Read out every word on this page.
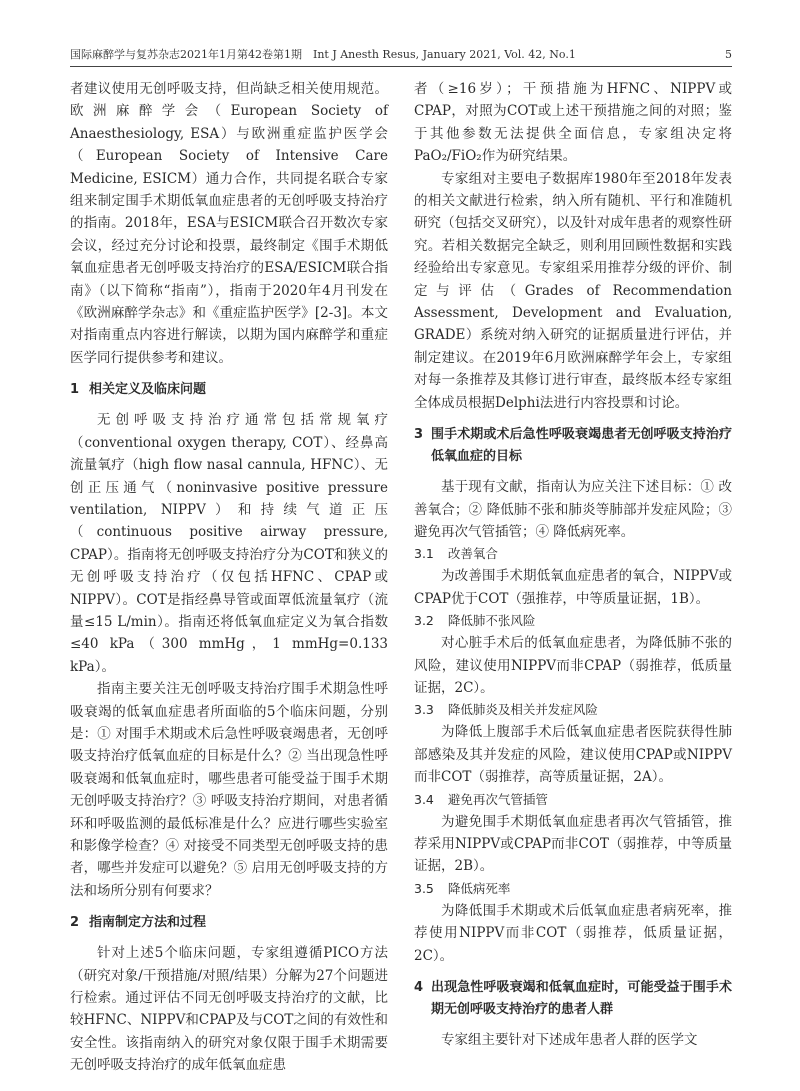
国际麻醉学与复苏杂志2021年1月第42卷第1期　Int J Anesth Resus, January 2021, Vol. 42, No.1	5

者建议使用无创呼吸支持，但尚缺乏相关使用规范。欧洲麻醉学会（European Society of Anaesthesiology, ESA）与欧洲重症监护医学会（European Society of Intensive Care Medicine, ESICM）通力合作，共同提名联合专家组来制定围手术期低氧血症患者的无创呼吸支持治疗的指南。2018年，ESA与ESICM联合召开数次专家会议，经过充分讨论和投票，最终制定《围手术期低氧血症患者无创呼吸支持治疗的ESA/ESICM联合指南》（以下简称“指南”），指南于2020年4月刊发在《欧洲麻醉学杂志》和《重症监护医学》[2-3]。本文对指南重点内容进行解读，以期为国内麻醉学和重症医学同行提供参考和建议。

1 相关定义及临床问题

无创呼吸支持治疗通常包括常规氧疗（conventional oxygen therapy, COT）、经鼻高流量氧疗（high flow nasal cannula, HFNC）、无创正压通气（noninvasive positive pressure ventilation, NIPPV）和持续气道正压（continuous positive airway pressure, CPAP）。指南将无创呼吸支持治疗分为COT和狭义的无创呼吸支持治疗（仅包括HFNC、CPAP或NIPPV）。COT是指经鼻导管或面罩低流量氧疗（流量≤15 L/min）。指南还将低氧血症定义为氧合指数≤40 kPa（300 mmHg，1 mmHg=0.133 kPa）。

指南主要关注无创呼吸支持治疗围手术期急性呼吸衰竭的低氧血症患者所面临的5个临床问题，分别是：① 对围手术期或术后急性呼吸衰竭患者，无创呼吸支持治疗低氧血症的目标是什么？② 当出现急性呼吸衰竭和低氧血症时，哪些患者可能受益于围手术期无创呼吸支持治疗？③ 呼吸支持治疗期间，对患者循环和呼吸监测的最低标准是什么？应进行哪些实验室和影像学检查？④ 对接受不同类型无创呼吸支持的患者，哪些并发症可以避免？⑤ 启用无创呼吸支持的方法和场所分别有何要求？

2 指南制定方法和过程

针对上述5个临床问题，专家组遵循PICO方法（研究对象/干预措施/对照/结果）分解为27个问题进行检索。通过评估不同无创呼吸支持治疗的文献，比较HFNC、NIPPV和CPAP及与COT之间的有效性和安全性。该指南纳入的研究对象仅限于围手术期需要无创呼吸支持治疗的成年低氧血症患

者（≥16岁）；干预措施为HFNC、NIPPV或CPAP，对照为COT或上述干预措施之间的对照；鉴于其他参数无法提供全面信息，专家组决定将PaO₂/FiO₂作为研究结果。

专家组对主要电子数据库1980年至2018年发表的相关文献进行检索，纳入所有随机、平行和准随机研究（包括交叉研究），以及针对成年患者的观察性研究。若相关数据完全缺乏，则利用回顾性数据和实践经验给出专家意见。专家组采用推荐分级的评价、制定与评估（Grades of Recommendation Assessment, Development and Evaluation, GRADE）系统对纳入研究的证据质量进行评估，并制定建议。在2019年6月欧洲麻醉学年会上，专家组对每一条推荐及其修订进行审查，最终版本经专家组全体成员根据Delphi法进行内容投票和讨论。

3 围手术期或术后急性呼吸衰竭患者无创呼吸支持治疗低氧血症的目标

基于现有文献，指南认为应关注下述目标：① 改善氧合；② 降低肺不张和肺炎等肺部并发症风险；③ 避免再次气管插管；④ 降低病死率。

3.1 改善氧合

为改善围手术期低氧血症患者的氧合，NIPPV或CPAP优于COT（强推荐，中等质量证据，1B）。

3.2 降低肺不张风险

对心脏手术后的低氧血症患者，为降低肺不张的风险，建议使用NIPPV而非CPAP（弱推荐，低质量证据，2C）。

3.3 降低肺炎及相关并发症风险

为降低上腹部手术后低氧血症患者医院获得性肺部感染及其并发症的风险，建议使用CPAP或NIPPV而非COT（弱推荐，高等质量证据，2A）。

3.4 避免再次气管插管

为避免围手术期低氧血症患者再次气管插管，推荐采用NIPPV或CPAP而非COT（弱推荐，中等质量证据，2B）。

3.5 降低病死率

为降低围手术期或术后低氧血症患者病死率，推荐使用NIPPV而非COT（弱推荐，低质量证据，2C）。

4 出现急性呼吸衰竭和低氧血症时，可能受益于围手术期无创呼吸支持治疗的患者人群

专家组主要针对下述成年患者人群的医学文
